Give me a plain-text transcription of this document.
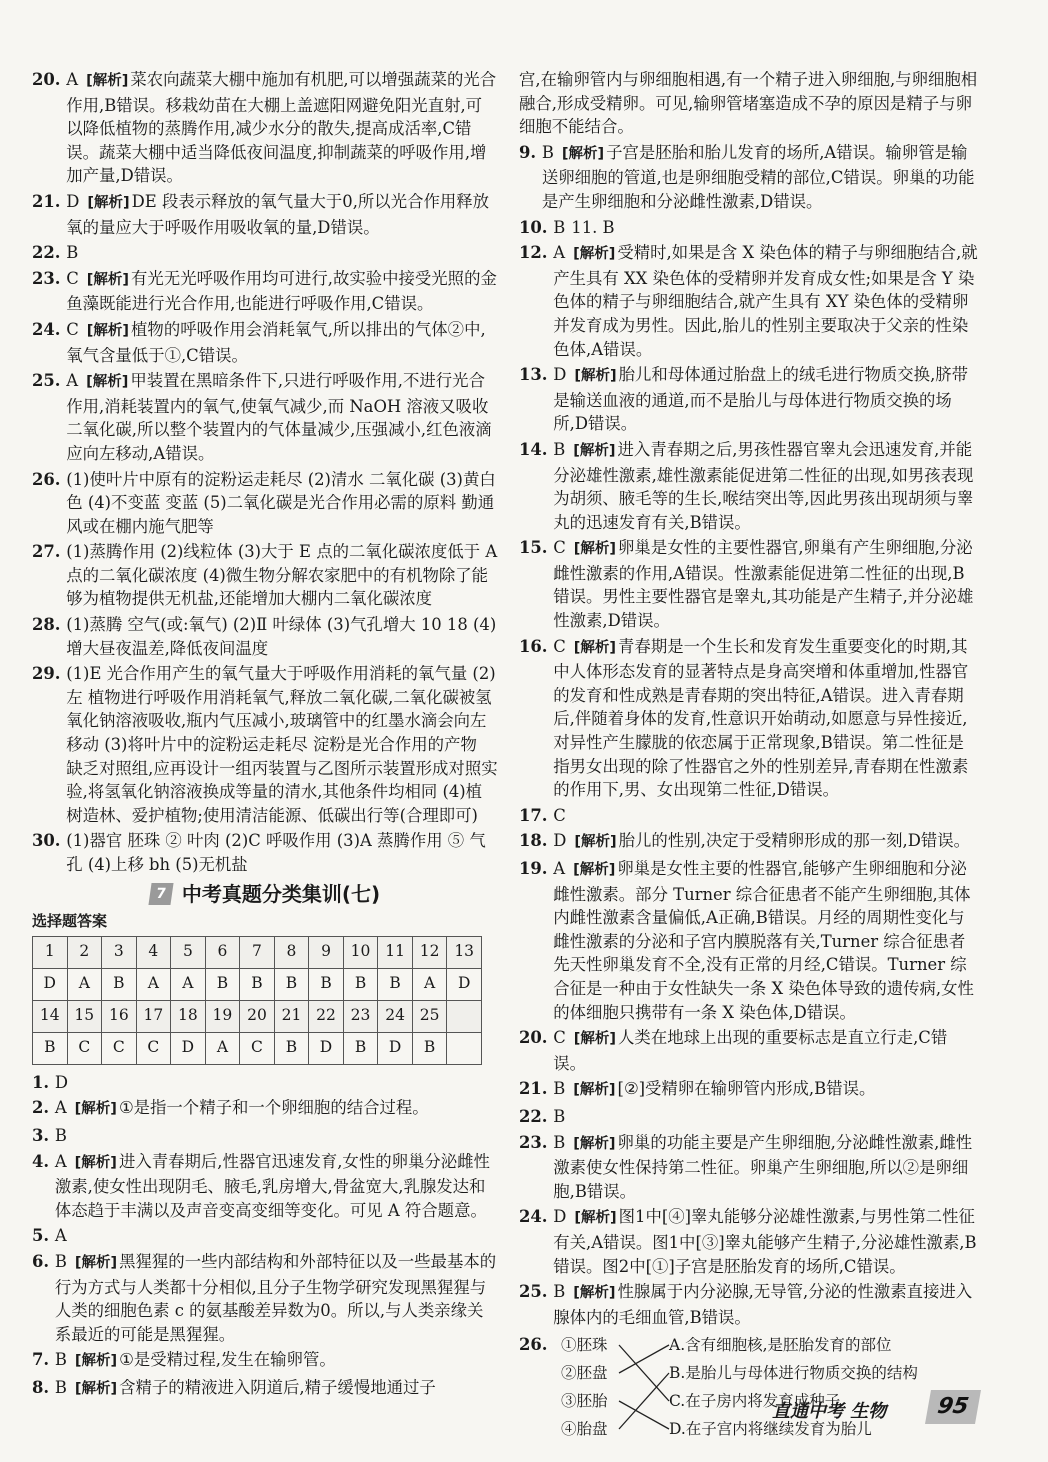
20. A [解析] 菜农向蔬菜大棚中施加有机肥,可以增强蔬菜的光合作用,B错误。移栽幼苗在大棚上盖遮阳网避免阳光直射,可以降低植物的蒸腾作用,减少水分的散失,提高成活率,C错误。蔬菜大棚中适当降低夜间温度,抑制蔬菜的呼吸作用,增加产量,D错误。
21. D [解析] DE 段表示释放的氧气量大于0,所以光合作用释放氧的量应大于呼吸作用吸收氧的量,D错误。
22. B
23. C [解析] 有光无光呼吸作用均可进行,故实验中接受光照的金鱼藻既能进行光合作用,也能进行呼吸作用,C错误。
24. C [解析] 植物的呼吸作用会消耗氧气,所以排出的气体②中,氧气含量低于①,C错误。
25. A [解析] 甲装置在黑暗条件下,只进行呼吸作用,不进行光合作用,消耗装置内的氧气,使氧气减少,而 NaOH 溶液又吸收二氧化碳,所以整个装置内的气体量减少,压强减小,红色液滴应向左移动,A错误。
26. (1)使叶片中原有的淀粉运走耗尽 (2)清水 二氧化碳 (3)黄白色 (4)不变蓝 变蓝 (5)二氧化碳是光合作用必需的原料 勤通风或在棚内施气肥等
27. (1)蒸腾作用 (2)线粒体 (3)大于 E 点的二氧化碳浓度低于 A 点的二氧化碳浓度 (4)微生物分解农家肥中的有机物除了能够为植物提供无机盐,还能增加大棚内二氧化碳浓度
28. (1)蒸腾 空气(或:氧气) (2)Ⅱ 叶绿体 (3)气孔增大 10 18 (4)增大昼夜温差,降低夜间温度
29. (1)E 光合作用产生的氧气量大于呼吸作用消耗的氧气量 (2)左 植物进行呼吸作用消耗氧气,释放二氧化碳,二氧化碳被氢氧化钠溶液吸收,瓶内气压减小,玻璃管中的红墨水滴会向左移动 (3)将叶片中的淀粉运走耗尽 淀粉是光合作用的产物 缺乏对照组,应再设计一组丙装置与乙图所示装置形成对照实验,将氢氧化钠溶液换成等量的清水,其他条件均相同 (4)植树造林、爱护植物;使用清洁能源、低碳出行等(合理即可)
30. (1)器官 胚珠 ② 叶肉 (2)C 呼吸作用 (3)A 蒸腾作用 ⑤ 气孔 (4)上移 bh (5)无机盐
7 中考真题分类集训(七)
选择题答案
1	2	3	4	5	6	7	8	9	10	11	12	13
D	A	B	A	A	B	B	B	B	B	B	A	D
14	15	16	17	18	19	20	21	22	23	24	25	
B	C	C	C	D	A	C	B	D	B	D	B	
1. D
2. A [解析] ①是指一个精子和一个卵细胞的结合过程。
3. B
4. A [解析] 进入青春期后,性器官迅速发育,女性的卵巢分泌雌性激素,使女性出现阴毛、腋毛,乳房增大,骨盆宽大,乳腺发达和体态趋于丰满以及声音变高变细等变化。可见 A 符合题意。
5. A
6. B [解析] 黑猩猩的一些内部结构和外部特征以及一些最基本的行为方式与人类都十分相似,且分子生物学研究发现黑猩猩与人类的细胞色素 c 的氨基酸差异数为0。所以,与人类亲缘关系最近的可能是黑猩猩。
7. B [解析] ①是受精过程,发生在输卵管。
8. B [解析] 含精子的精液进入阴道后,精子缓慢地通过子
宫,在输卵管内与卵细胞相遇,有一个精子进入卵细胞,与卵细胞相融合,形成受精卵。可见,输卵管堵塞造成不孕的原因是精子与卵细胞不能结合。
9. B [解析] 子宫是胚胎和胎儿发育的场所,A错误。输卵管是输送卵细胞的管道,也是卵细胞受精的部位,C错误。卵巢的功能是产生卵细胞和分泌雌性激素,D错误。
10. B 11. B
12. A [解析] 受精时,如果是含 X 染色体的精子与卵细胞结合,就产生具有 XX 染色体的受精卵并发育成女性;如果是含 Y 染色体的精子与卵细胞结合,就产生具有 XY 染色体的受精卵并发育成为男性。因此,胎儿的性别主要取决于父亲的性染色体,A错误。
13. D [解析] 胎儿和母体通过胎盘上的绒毛进行物质交换,脐带是输送血液的通道,而不是胎儿与母体进行物质交换的场所,D错误。
14. B [解析] 进入青春期之后,男孩性器官睾丸会迅速发育,并能分泌雄性激素,雄性激素能促进第二性征的出现,如男孩表现为胡须、腋毛等的生长,喉结突出等,因此男孩出现胡须与睾丸的迅速发育有关,B错误。
15. C [解析] 卵巢是女性的主要性器官,卵巢有产生卵细胞,分泌雌性激素的作用,A错误。性激素能促进第二性征的出现,B错误。男性主要性器官是睾丸,其功能是产生精子,并分泌雄性激素,D错误。
16. C [解析] 青春期是一个生长和发育发生重要变化的时期,其中人体形态发育的显著特点是身高突增和体重增加,性器官的发育和性成熟是青春期的突出特征,A错误。进入青春期后,伴随着身体的发育,性意识开始萌动,如愿意与异性接近,对异性产生朦胧的依恋属于正常现象,B错误。第二性征是指男女出现的除了性器官之外的性别差异,青春期在性激素的作用下,男、女出现第二性征,D错误。
17. C
18. D [解析] 胎儿的性别,决定于受精卵形成的那一刻,D错误。
19. A [解析] 卵巢是女性主要的性器官,能够产生卵细胞和分泌雌性激素。部分 Turner 综合征患者不能产生卵细胞,其体内雌性激素含量偏低,A正确,B错误。月经的周期性变化与雌性激素的分泌和子宫内膜脱落有关,Turner 综合征患者先天性卵巢发育不全,没有正常的月经,C错误。Turner 综合征是一种由于女性缺失一条 X 染色体导致的遗传病,女性的体细胞只携带有一条 X 染色体,D错误。
20. C [解析] 人类在地球上出现的重要标志是直立行走,C错误。
21. B [解析] [②]受精卵在输卵管内形成,B错误。
22. B
23. B [解析] 卵巢的功能主要是产生卵细胞,分泌雌性激素,雌性激素使女性保持第二性征。卵巢产生卵细胞,所以②是卵细胞,B错误。
24. D [解析] 图1中[④]睾丸能够分泌雄性激素,与男性第二性征有关,A错误。图1中[③]睾丸能够产生精子,分泌雄性激素,B错误。图2中[①]子宫是胚胎发育的场所,C错误。
25. B [解析] 性腺属于内分泌腺,无导管,分泌的性激素直接进入腺体内的毛细血管,B错误。
26. ①胚珠
②胚盘
③胚胎
④胎盘
A.含有细胞核,是胚胎发育的部位
B.是胎儿与母体进行物质交换的结构
C.在子房内将发育成种子
D.在子宫内将继续发育为胎儿
直通中考 生物	95
